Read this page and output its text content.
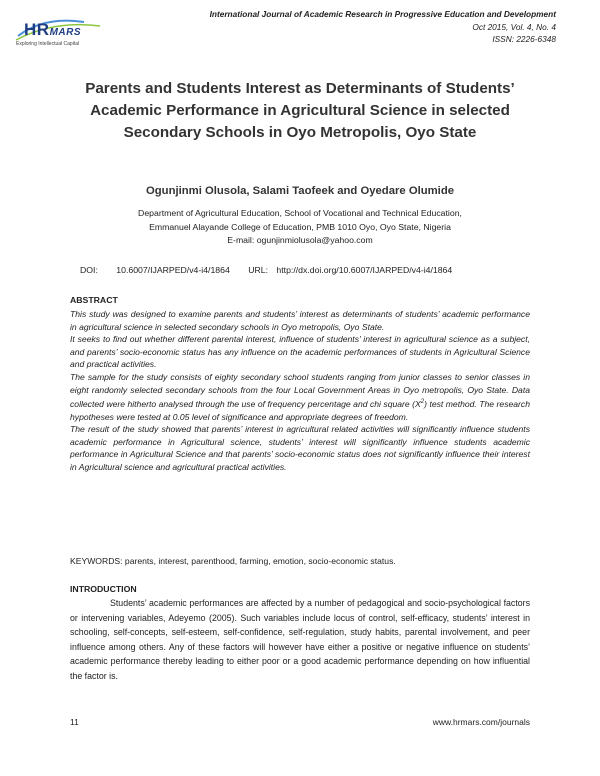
HRMARS
Exploring Intellectual Capital
International Journal of Academic Research in Progressive Education and Development
Oct 2015, Vol. 4, No. 4
ISSN: 2226-6348
Parents and Students Interest as Determinants of Students’ Academic Performance in Agricultural Science in selected Secondary Schools in Oyo Metropolis, Oyo State
Ogunjinmi Olusola, Salami Taofeek and Oyedare Olumide
Department of Agricultural Education, School of Vocational and Technical Education,
Emmanuel Alayande College of Education, PMB 1010 Oyo, Oyo State, Nigeria
E-mail: ogunjinmiolusola@yahoo.com
DOI: 10.6007/IJARPED/v4-i4/1864 URL: http://dx.doi.org/10.6007/IJARPED/v4-i4/1864
ABSTRACT

This study was designed to examine parents and students’ interest as determinants of students’ academic performance in agricultural science in selected secondary schools in Oyo metropolis, Oyo State.

It seeks to find out whether different parental interest, influence of students’ interest in agricultural science as a subject, and parents’ socio-economic status has any influence on the academic performances of students in Agricultural Science and practical activities.

The sample for the study consists of eighty secondary school students ranging from junior classes to senior classes in eight randomly selected secondary schools from the four Local Government Areas in Oyo metropolis, Oyo State. Data collected were hitherto analysed through the use of frequency percentage and chi square $(X^2)$ test method. The research hypotheses were tested at 0.05 level of significance and appropriate degrees of freedom.

The result of the study showed that parents’ interest in agricultural related activities will significantly influence students academic performance in Agricultural science, students’ interest will significantly influence students academic performance in Agricultural Science and that parents’ socio-economic status does not significantly influence their interest in Agricultural science and agricultural practical activities.

KEYWORDS: parents, interest, parenthood, farming, emotion, socio-economic status.
INTRODUCTION

Students’ academic performances are affected by a number of pedagogical and socio-psychological factors or intervening variables, Adeyemo (2005). Such variables include locus of control, self-efficacy, students’ interest in schooling, self-concepts, self-esteem, self-confidence, self-regulation, study habits, parental involvement, and peer influence among others. Any of these factors will however have either a positive or negative influence on students’ academic performance thereby leading to either poor or a good academic performance depending on how influential the factor is.

11	www.hrmars.com/journals
